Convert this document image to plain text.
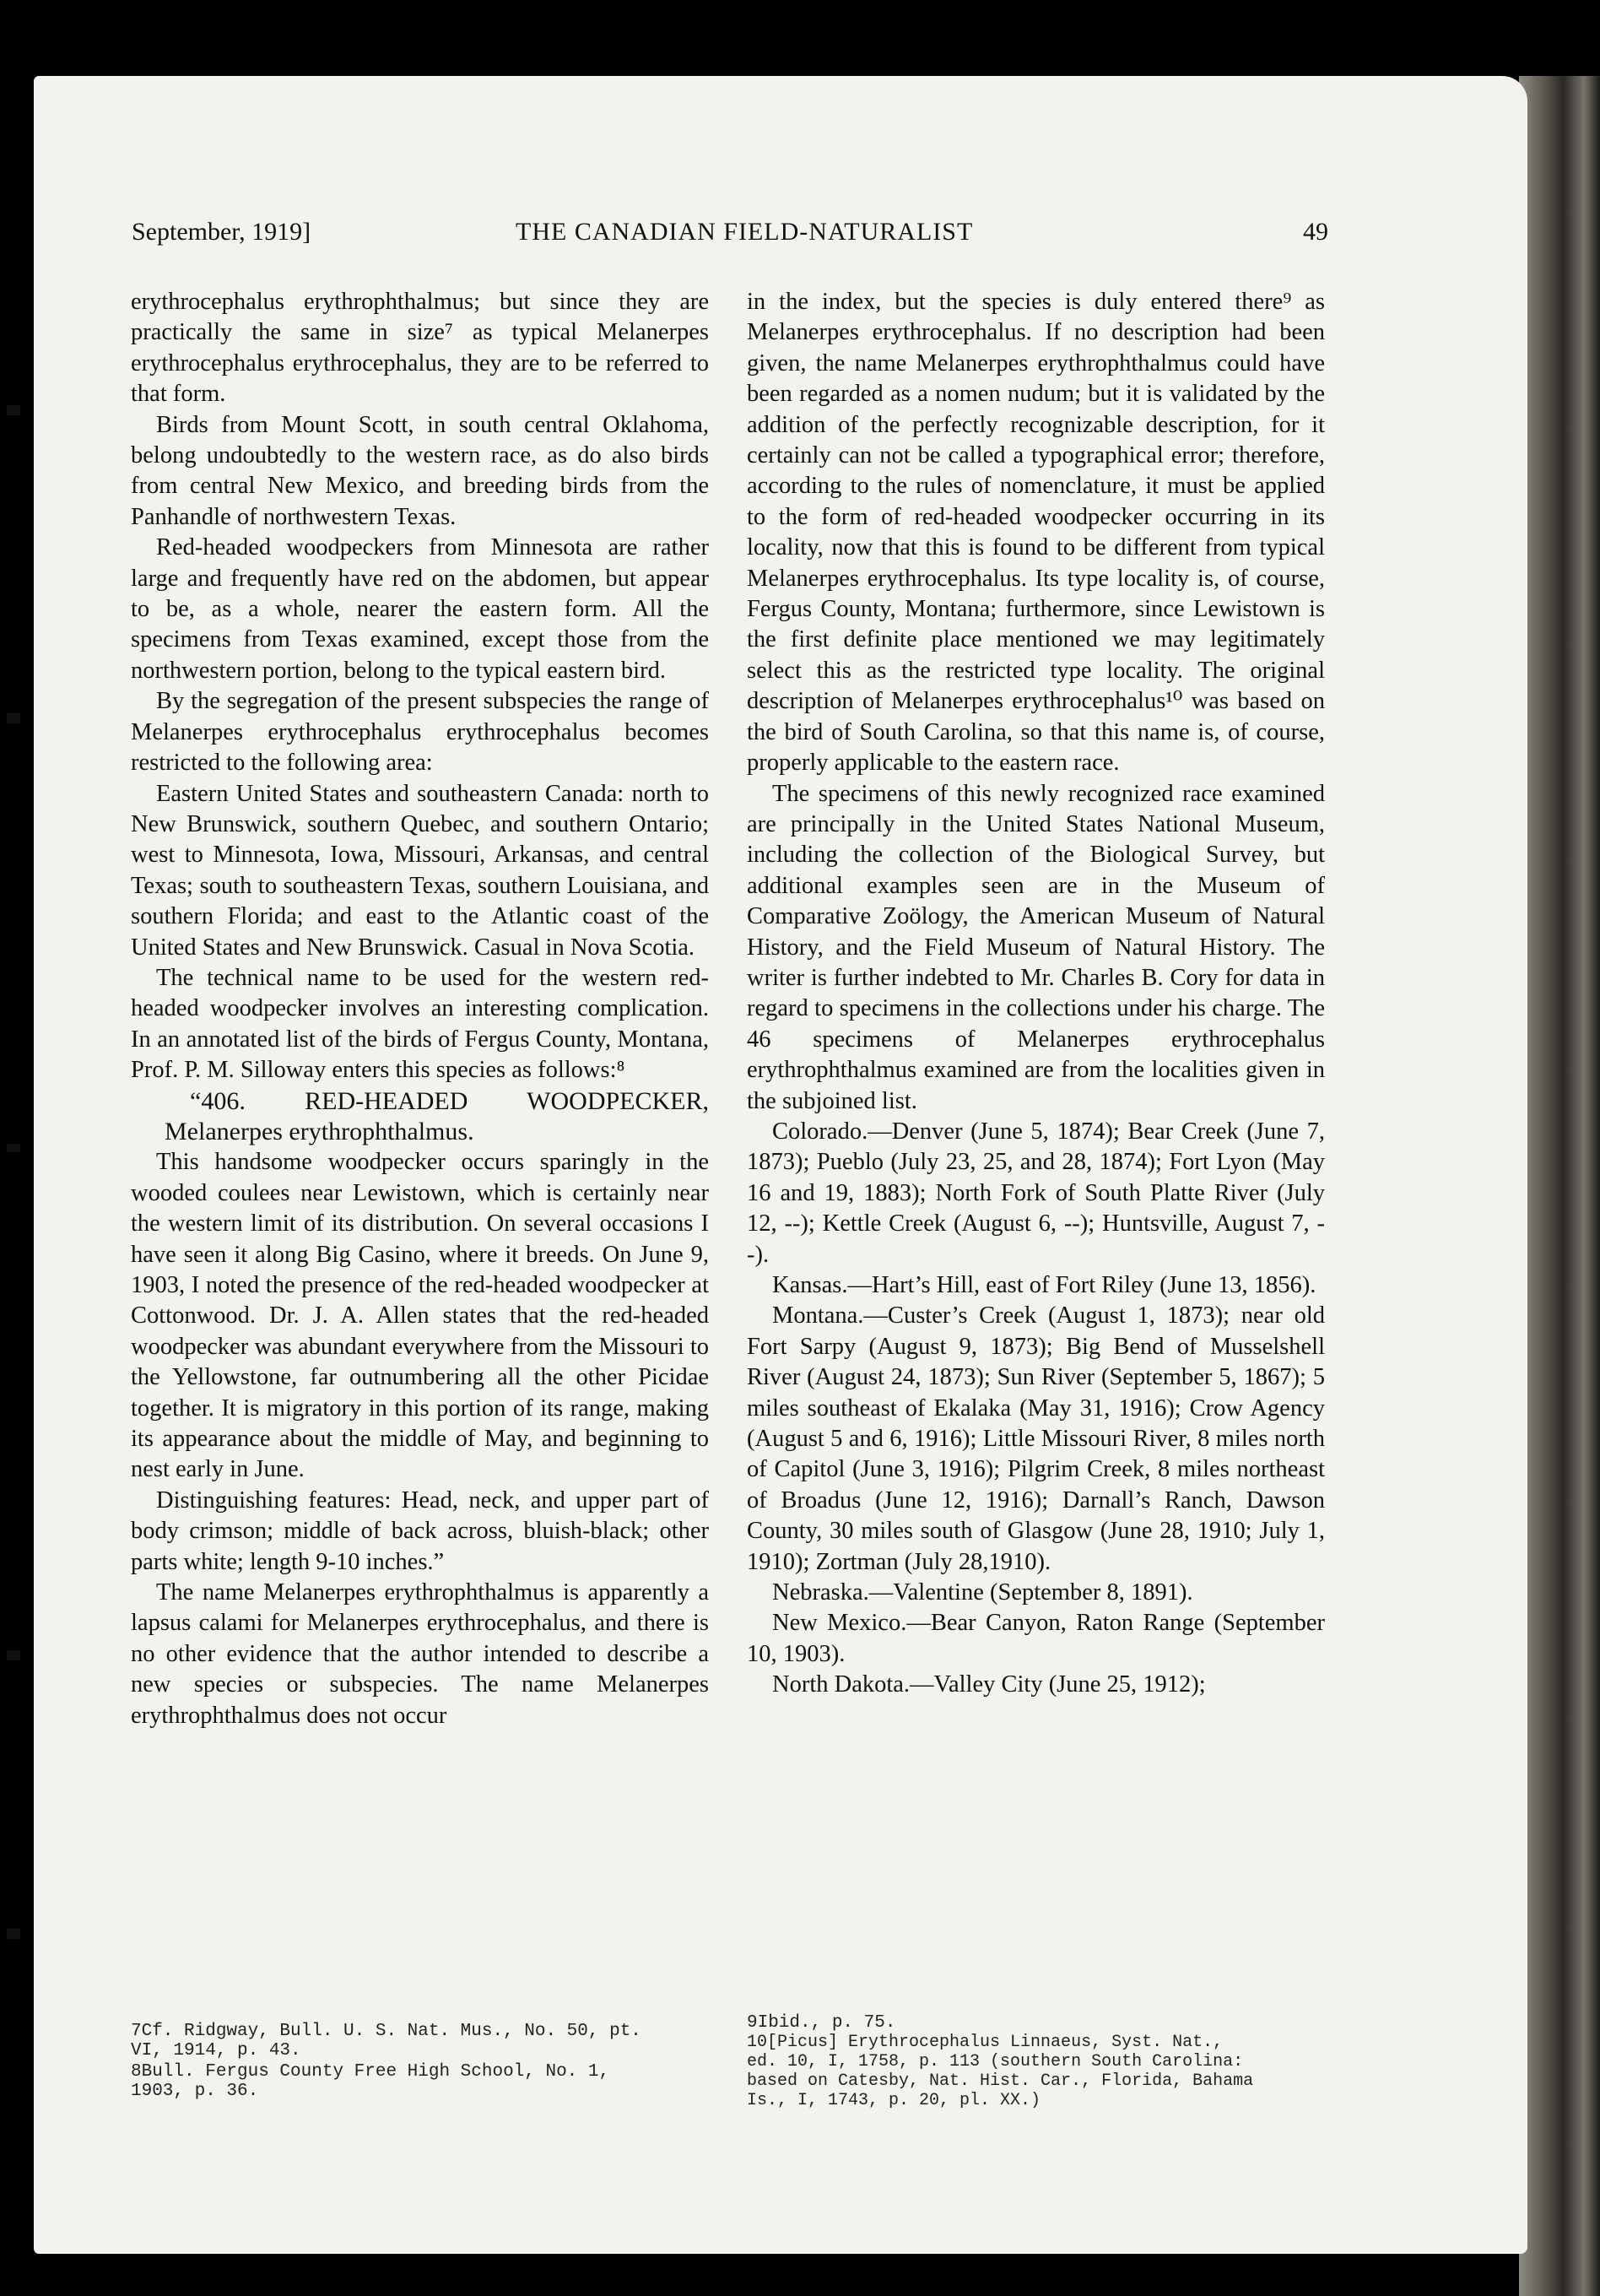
September, 1919]	THE CANADIAN FIELD-NATURALIST	49

erythrocephalus erythrophthalmus; but since they are practically the same in size⁷ as typical Melanerpes erythrocephalus erythrocephalus, they are to be referred to that form.

Birds from Mount Scott, in south central Oklahoma, belong undoubtedly to the western race, as do also birds from central New Mexico, and breeding birds from the Panhandle of northwestern Texas.

Red-headed woodpeckers from Minnesota are rather large and frequently have red on the abdomen, but appear to be, as a whole, nearer the eastern form. All the specimens from Texas examined, except those from the northwestern portion, belong to the typical eastern bird.

By the segregation of the present subspecies the range of Melanerpes erythrocephalus erythrocephalus becomes restricted to the following area:

Eastern United States and southeastern Canada: north to New Brunswick, southern Quebec, and southern Ontario; west to Minnesota, Iowa, Missouri, Arkansas, and central Texas; south to southeastern Texas, southern Louisiana, and southern Florida; and east to the Atlantic coast of the United States and New Brunswick. Casual in Nova Scotia.

The technical name to be used for the western red-headed woodpecker involves an interesting complication. In an annotated list of the birds of Fergus County, Montana, Prof. P. M. Silloway enters this species as follows:⁸

“406. RED-HEADED WOODPECKER, Melanerpes erythrophthalmus.

This handsome woodpecker occurs sparingly in the wooded coulees near Lewistown, which is certainly near the western limit of its distribution. On several occasions I have seen it along Big Casino, where it breeds. On June 9, 1903, I noted the presence of the red-headed woodpecker at Cottonwood. Dr. J. A. Allen states that the red-headed woodpecker was abundant everywhere from the Missouri to the Yellowstone, far outnumbering all the other Picidae together. It is migratory in this portion of its range, making its appearance about the middle of May, and beginning to nest early in June.

Distinguishing features: Head, neck, and upper part of body crimson; middle of back across, bluish-black; other parts white; length 9-10 inches.”

The name Melanerpes erythrophthalmus is apparently a lapsus calami for Melanerpes erythrocephalus, and there is no other evidence that the author intended to describe a new species or subspecies. The name Melanerpes erythrophthalmus does not occur

in the index, but the species is duly entered there⁹ as Melanerpes erythrocephalus. If no description had been given, the name Melanerpes erythrophthalmus could have been regarded as a nomen nudum; but it is validated by the addition of the perfectly recognizable description, for it certainly can not be called a typographical error; therefore, according to the rules of nomenclature, it must be applied to the form of red-headed woodpecker occurring in its locality, now that this is found to be different from typical Melanerpes erythrocephalus. Its type locality is, of course, Fergus County, Montana; furthermore, since Lewistown is the first definite place mentioned we may legitimately select this as the restricted type locality. The original description of Melanerpes erythrocephalus¹⁰ was based on the bird of South Carolina, so that this name is, of course, properly applicable to the eastern race.

The specimens of this newly recognized race examined are principally in the United States National Museum, including the collection of the Biological Survey, but additional examples seen are in the Museum of Comparative Zoölogy, the American Museum of Natural History, and the Field Museum of Natural History. The writer is further indebted to Mr. Charles B. Cory for data in regard to specimens in the collections under his charge. The 46 specimens of Melanerpes erythrocephalus erythrophthalmus examined are from the localities given in the subjoined list.

Colorado.—Denver (June 5, 1874); Bear Creek (June 7, 1873); Pueblo (July 23, 25, and 28, 1874); Fort Lyon (May 16 and 19, 1883); North Fork of South Platte River (July 12, --); Kettle Creek (August 6, --); Huntsville, August 7, --).

Kansas.—Hart’s Hill, east of Fort Riley (June 13, 1856).

Montana.—Custer’s Creek (August 1, 1873); near old Fort Sarpy (August 9, 1873); Big Bend of Musselshell River (August 24, 1873); Sun River (September 5, 1867); 5 miles southeast of Ekalaka (May 31, 1916); Crow Agency (August 5 and 6, 1916); Little Missouri River, 8 miles north of Capitol (June 3, 1916); Pilgrim Creek, 8 miles northeast of Broadus (June 12, 1916); Darnall’s Ranch, Dawson County, 30 miles south of Glasgow (June 28, 1910; July 1, 1910); Zortman (July 28,1910).

Nebraska.—Valentine (September 8, 1891).

New Mexico.—Bear Canyon, Raton Range (September 10, 1903).

North Dakota.—Valley City (June 25, 1912);

7Cf. Ridgway, Bull. U. S. Nat. Mus., No. 50, pt.
VI, 1914, p. 43.
8Bull. Fergus County Free High School, No. 1,
1903, p. 36.
9Ibid., p. 75.
10[Picus] Erythrocephalus Linnaeus, Syst. Nat.,
ed. 10, I, 1758, p. 113 (southern South Carolina:
based on Catesby, Nat. Hist. Car., Florida, Bahama
Is., I, 1743, p. 20, pl. XX.)
